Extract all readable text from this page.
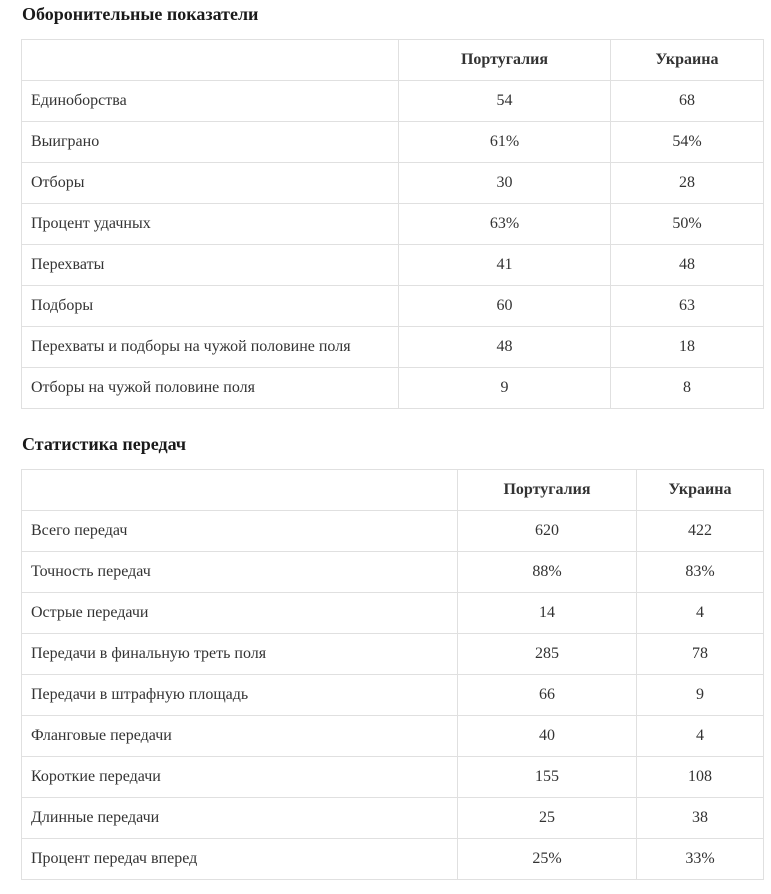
Оборонительные показатели
	Португалия	Украина
Единоборства	54	68
Выиграно	61%	54%
Отборы	30	28
Процент удачных	63%	50%
Перехваты	41	48
Подборы	60	63
Перехваты и подборы на чужой половине поля	48	18
Отборы на чужой половине поля	9	8
Статистика передач
	Португалия	Украина
Всего передач	620	422
Точность передач	88%	83%
Острые передачи	14	4
Передачи в финальную треть поля	285	78
Передачи в штрафную площадь	66	9
Фланговые передачи	40	4
Короткие передачи	155	108
Длинные передачи	25	38
Процент передач вперед	25%	33%
